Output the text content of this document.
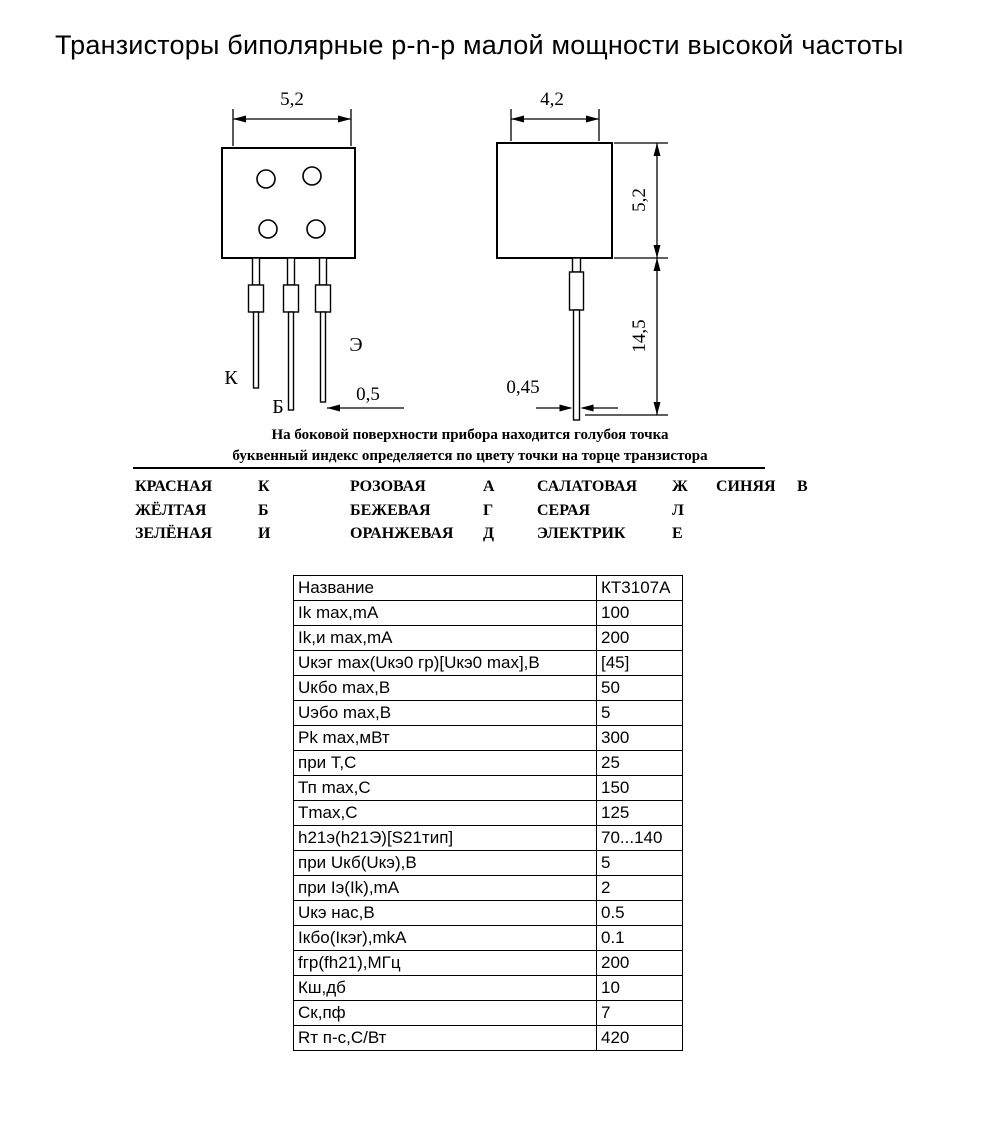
Транзисторы биполярные p-n-p малой мощности высокой частоты
5,2
К
Б
Э
0,5
4,2
5,2
14,5
0,45
На боковой поверхности прибора находится голубоя точка
буквенный индекс определяется по цвету точки на торце транзистора
КРАСНАЯ	К	РОЗОВАЯ	А	САЛАТОВАЯ	Ж	СИНЯЯ	В
ЖЁЛТАЯ	Б	БЕЖЕВАЯ	Г	СЕРАЯ	Л
ЗЕЛЁНАЯ	И	ОРАНЖЕВАЯ	Д	ЭЛЕКТРИК	Е
Название	КТ3107А
Ik max,mA	100
Ik,и max,mA	200
Uкэг max(Uкэ0 гр)[Uкэ0 max],В	[45]
Uкбо max,В	50
Uэбо max,В	5
Pk max,мВт	300
при Т,С	25
Тп max,С	150
Tmax,С	125
h21э(h21Э)[S21тип]	70...140
при Uкб(Uкэ),В	5
при Iэ(Ik),mA	2
Uкэ нас,В	0.5
Iкбо(Iкэr),mkA	0.1
fгр(fh21),МГц	200
Кш,дб	10
Ск,пф	7
Rт п-с,С/Вт	420
